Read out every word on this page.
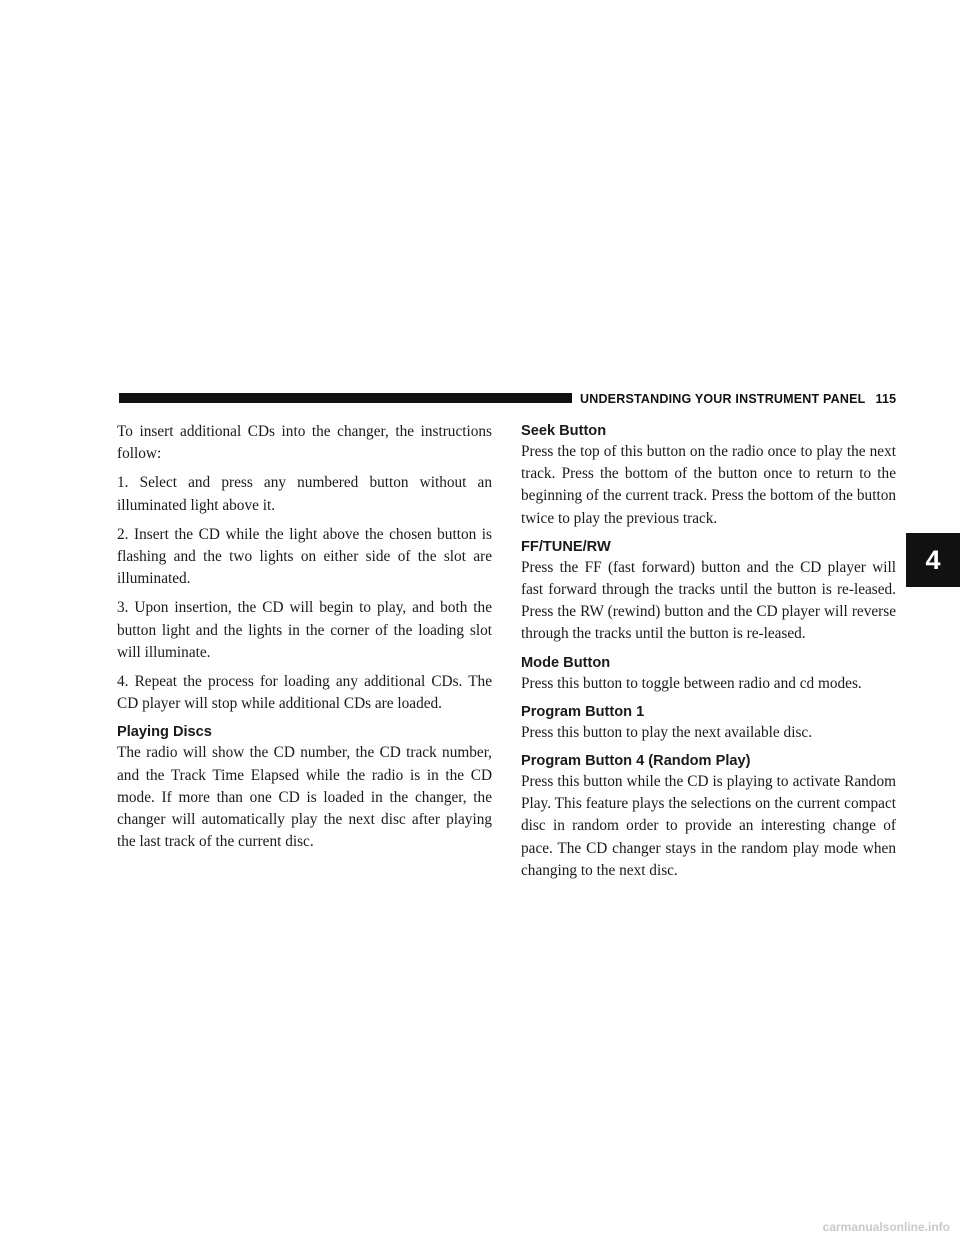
UNDERSTANDING YOUR INSTRUMENT PANEL 115
4

To insert additional CDs into the changer, the instructions follow:

1. Select and press any numbered button without an illuminated light above it.

2. Insert the CD while the light above the chosen button is flashing and the two lights on either side of the slot are illuminated.

3. Upon insertion, the CD will begin to play, and both the button light and the lights in the corner of the loading slot will illuminate.

4. Repeat the process for loading any additional CDs. The CD player will stop while additional CDs are loaded.

Playing Discs

The radio will show the CD number, the CD track number, and the Track Time Elapsed while the radio is in the CD mode. If more than one CD is loaded in the changer, the changer will automatically play the next disc after playing the last track of the current disc.

Seek Button

Press the top of this button on the radio once to play the next track. Press the bottom of the button once to return to the beginning of the current track. Press the bottom of the button twice to play the previous track.

FF/TUNE/RW

Press the FF (fast forward) button and the CD player will fast forward through the tracks until the button is re-leased. Press the RW (rewind) button and the CD player will reverse through the tracks until the button is re-leased.

Mode Button

Press this button to toggle between radio and cd modes.

Program Button 1

Press this button to play the next available disc.

Program Button 4 (Random Play)

Press this button while the CD is playing to activate Random Play. This feature plays the selections on the current compact disc in random order to provide an interesting change of pace. The CD changer stays in the random play mode when changing to the next disc.

carmanualsonline.info
